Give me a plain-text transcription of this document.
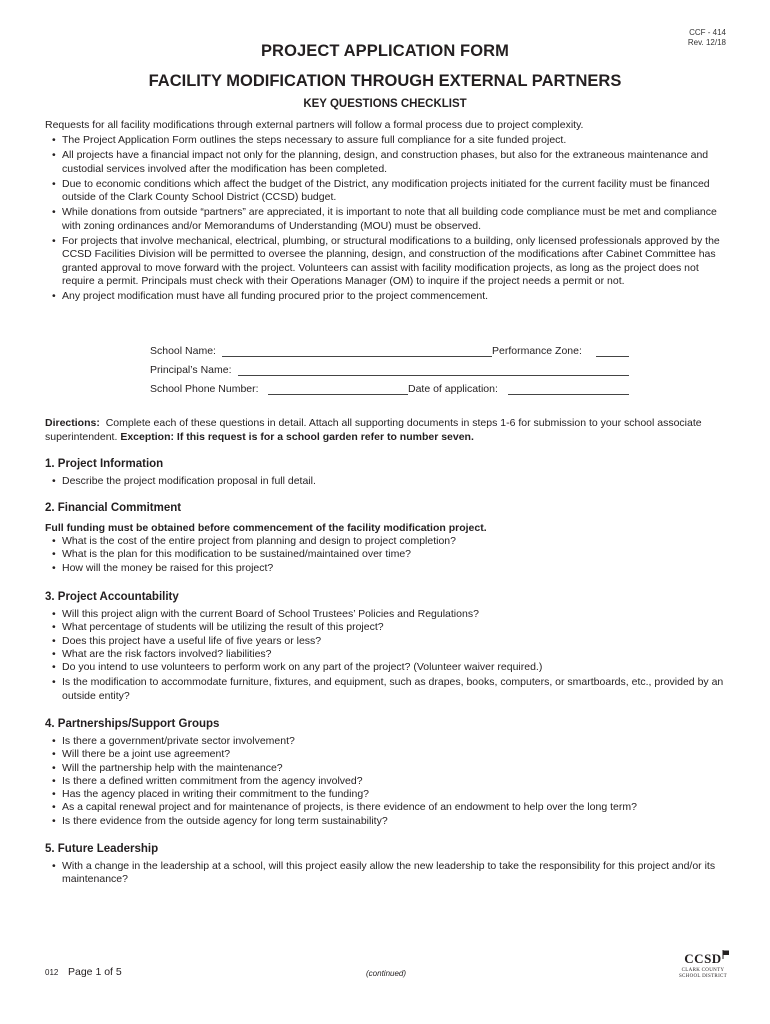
CCF - 414
Rev. 12/18
PROJECT APPLICATION FORM
FACILITY MODIFICATION THROUGH EXTERNAL PARTNERS
KEY QUESTIONS CHECKLIST
Requests for all facility modifications through external partners will follow a formal process due to project complexity.
• The Project Application Form outlines the steps necessary to assure full compliance for a site funded project.
• All projects have a financial impact not only for the planning, design, and construction phases, but also for the extraneous maintenance and custodial services involved after the modification has been completed.
• Due to economic conditions which affect the budget of the District, any modification projects initiated for the current facility must be financed outside of the Clark County School District (CCSD) budget.
• While donations from outside “partners” are appreciated, it is important to note that all building code compliance must be met and compliance with zoning ordinances and/or Memorandums of Understanding (MOU) must be observed.
• For projects that involve mechanical, electrical, plumbing, or structural modifications to a building, only licensed professionals approved by the CCSD Facilities Division will be permitted to oversee the planning, design, and construction of the modifications after Cabinet Committee has granted approval to move forward with the project. Volunteers can assist with facility modification projects, as long as the project does not require a permit. Principals must check with their Operations Manager (OM) to inquire if the project needs a permit or not.
• Any project modification must have all funding procured prior to the project commencement.
School Name:	Performance Zone:
Principal’s Name:
School Phone Number:	Date of application:
Directions: Complete each of these questions in detail. Attach all supporting documents in steps 1-6 for submission to your school associate superintendent. Exception: If this request is for a school garden refer to number seven.
1. Project Information
• Describe the project modification proposal in full detail.
2. Financial Commitment
Full funding must be obtained before commencement of the facility modification project.
• What is the cost of the entire project from planning and design to project completion?
• What is the plan for this modification to be sustained/maintained over time?
• How will the money be raised for this project?
3. Project Accountability
• Will this project align with the current Board of School Trustees’ Policies and Regulations?
• What percentage of students will be utilizing the result of this project?
• Does this project have a useful life of five years or less?
• What are the risk factors involved? liabilities?
• Do you intend to use volunteers to perform work on any part of the project? (Volunteer waiver required.)
• Is the modification to accommodate furniture, fixtures, and equipment, such as drapes, books, computers, or smartboards, etc., provided by an outside entity?
4. Partnerships/Support Groups
• Is there a government/private sector involvement?
• Will there be a joint use agreement?
• Will the partnership help with the maintenance?
• Is there a defined written commitment from the agency involved?
• Has the agency placed in writing their commitment to the funding?
• As a capital renewal project and for maintenance of projects, is there evidence of an endowment to help over the long term?
• Is there evidence from the outside agency for long term sustainability?
5. Future Leadership
• With a change in the leadership at a school, will this project easily allow the new leadership to take the responsibility for this project and/or its maintenance?
012 Page 1 of 5	(continued)
CCSD
CLARK COUNTY
SCHOOL DISTRICT
